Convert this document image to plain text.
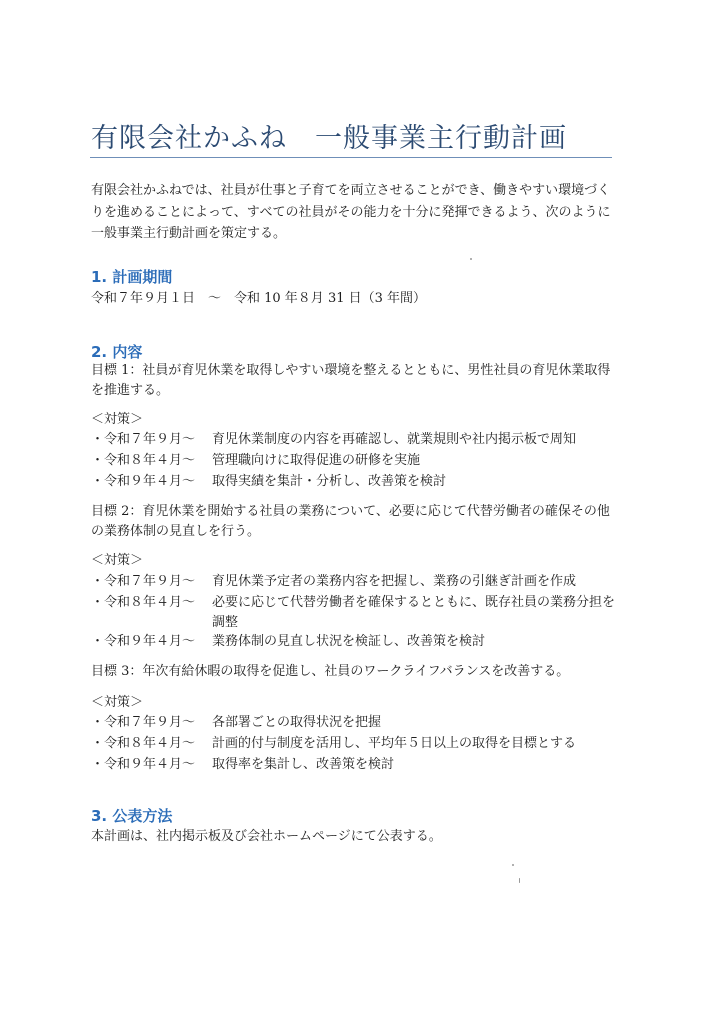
有限会社かふね　一般事業主行動計画

有限会社かふねでは、社員が仕事と子育てを両立させることができ、働きやすい環境づくりを進めることによって、すべての社員がその能力を十分に発揮できるよう、次のように一般事業主行動計画を策定する。

1. 計画期間

令和７年９月１日　～　令和 10 年８月 31 日（3 年間）

2. 内容

目標 1：社員が育児休業を取得しやすい環境を整えるとともに、男性社員の育児休業取得を推進する。

＜対策＞

・令和７年９月～ 育児休業制度の内容を再確認し、就業規則や社内掲示板で周知

・令和８年４月～ 管理職向けに取得促進の研修を実施

・令和９年４月～ 取得実績を集計・分析し、改善策を検討

目標 2：育児休業を開始する社員の業務について、必要に応じて代替労働者の確保その他の業務体制の見直しを行う。

＜対策＞

・令和７年９月～ 育児休業予定者の業務内容を把握し、業務の引継ぎ計画を作成

・令和８年４月～	必要に応じて代替労働者を確保するとともに、既存社員の業務分担を調整

・令和９年４月～ 業務体制の見直し状況を検証し、改善策を検討

目標 3：年次有給休暇の取得を促進し、社員のワークライフバランスを改善する。

＜対策＞

・令和７年９月～ 各部署ごとの取得状況を把握

・令和８年４月～ 計画的付与制度を活用し、平均年５日以上の取得を目標とする

・令和９年４月～ 取得率を集計し、改善策を検討

3. 公表方法

本計画は、社内掲示板及び会社ホームページにて公表する。
